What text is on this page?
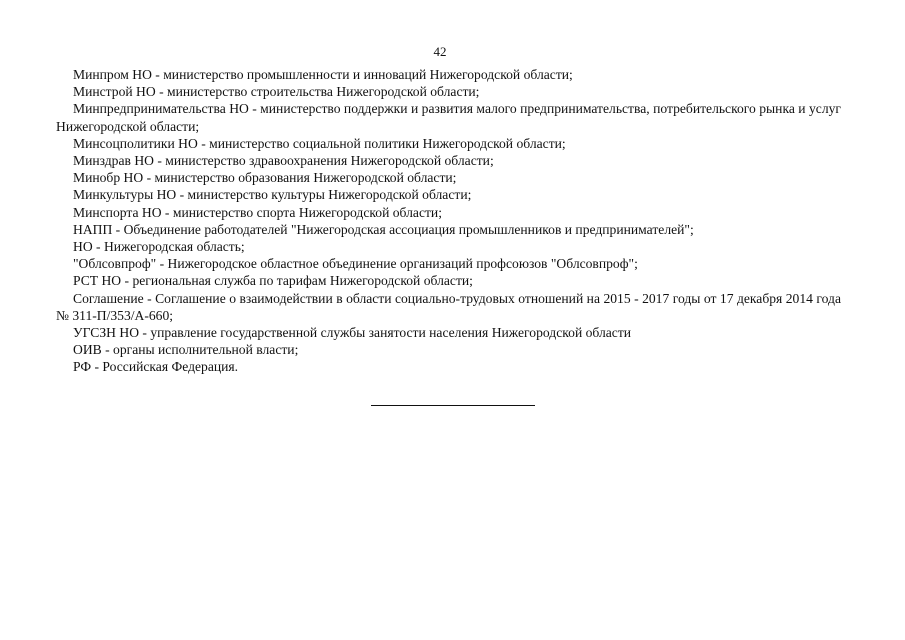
42

Минпром НО - министерство промышленности и инноваций Нижегородской области;

Минстрой НО - министерство строительства Нижегородской области;

Минпредпринимательства НО - министерство поддержки и развития малого предпринимательства, потребительского рынка и услуг Нижегородской области;

Минсоцполитики НО - министерство социальной политики Нижегородской области;

Минздрав НО - министерство здравоохранения Нижегородской области;

Минобр НО - министерство образования Нижегородской области;

Минкультуры НО - министерство культуры Нижегородской области;

Минспорта НО - министерство спорта Нижегородской области;

НАПП - Объединение работодателей "Нижегородская ассоциация промышленников и предпринимателей";

НО - Нижегородская область;

"Облсовпроф" - Нижегородское областное объединение организаций профсоюзов "Облсовпроф";

РСТ НО - региональная служба по тарифам Нижегородской области;

Соглашение - Соглашение о взаимодействии в области социально-трудовых отношений на 2015 - 2017 годы от 17 декабря 2014 года № 311-П/353/А-660;

УГСЗН НО - управление государственной службы занятости населения Нижегородской области

ОИВ - органы исполнительной власти;

РФ - Российская Федерация.
